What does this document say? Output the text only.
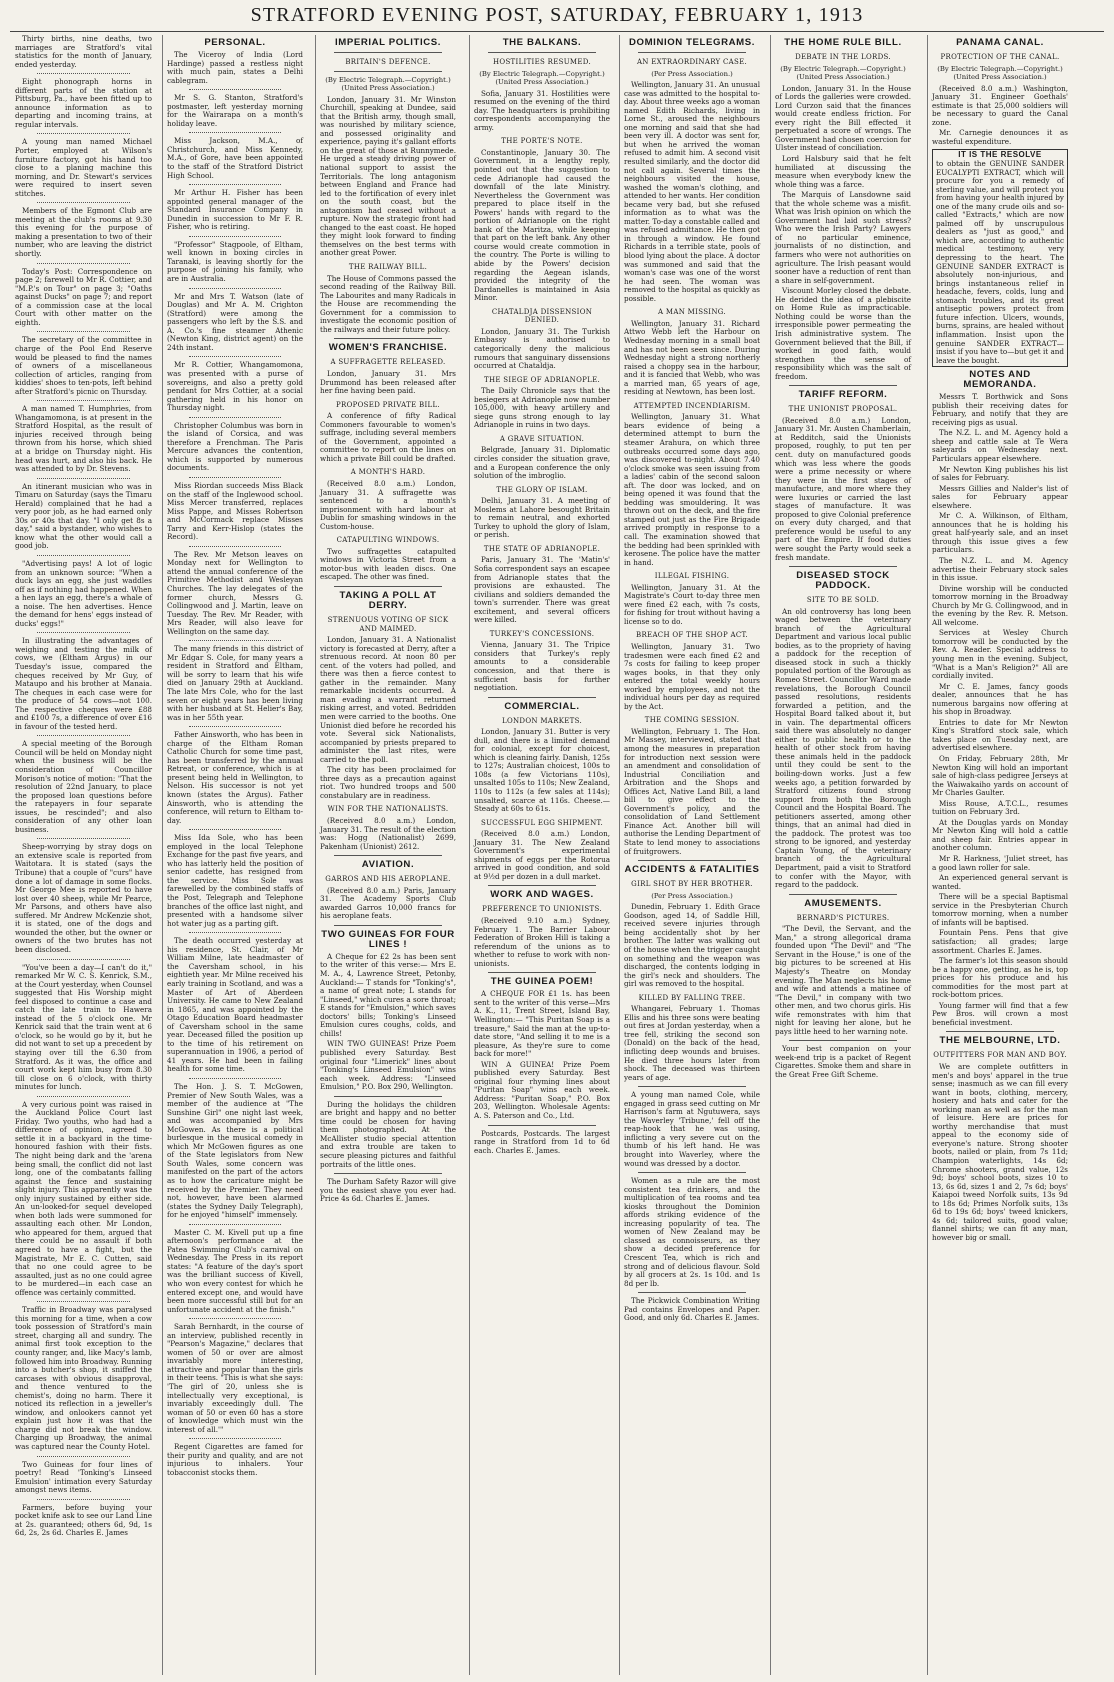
STRATFORD EVENING POST, SATURDAY, FEBRUARY 1, 1913

Thirty births, nine deaths, two marriages are Stratford's vital statistics for the month of January, ended yesterday.

Eight phonograph horns in different parts of the station at Pittsburg, Pa., have been fitted up to announce information as to departing and incoming trains, at regular intervals.

A young man named Michael Porter, employed at Wilson's furniture factory, got his hand too close to a planing machine this morning, and Dr. Stewart's services were required to insert seven stitches.

Members of the Egmont Club are meeting at the club's rooms at 9.30 this evening for the purpose of making a presentation to two of their number, who are leaving the district shortly.

Today's Post: Correspondence on page 2; farewell to Mr R. Cottier, and "M.P.'s on Tour" on page 3; "Oaths against Ducks" on page 7; and report of a commission case at the local Court with other matter on the eighth.

The secretary of the committee in charge of the Pool End Reserve would be pleased to find the names of owners of a miscellaneous collection of articles, ranging from kiddies' shoes to ten-pots, left behind after Stratford's picnic on Thursday.

A man named T. Humphries, from Whangamomona, is at present in the Stratford Hospital, as the result of injuries received through being thrown from his horse, which shied at a bridge on Thursday night. His head was hurt, and also his back. He was attended to by Dr. Stevens.

An itinerant musician who was in Timaru on Saturday (says the Timaru Herald) complained that he had a very poor job, as he had earned only 30s or 40s that day. "I only get 8s a day," said a bystander, who wishes to know what the other would call a good job.

"Advertising pays! A lot of logic from an unknown source: "When a duck lays an egg, she just waddles off as if nothing had happened. When a hen lays an egg, there's a whale of a noise. The hen advertises. Hence the demand for hens' eggs instead of ducks' eggs!"

In illustrating the advantages of weighing and testing the milk of cows, we (Eltham Argus) in our Tuesday's issue, compared the cheques received by Mr Guy, of Mataupo and his brother at Manaia. The cheques in each case were for the produce of 54 cows—not 100. The respective cheques were £88 and £100 7s, a difference of over £16 in favour of the tested herd.

A special meeting of the Borough Council will be held on Monday night when the business will be the consideration of Councillor Morison's notice of motion: "That the resolution of 22nd January, to place the proposed loan questions before the ratepayers in four separate issues, be rescinded"; and also consideration of any other loan business.

Sheep-worrying by stray dogs on an extensive scale is reported from Waitotara. It is stated (says the Tribune) that a couple of "curs" have done a lot of damage in some flocks. Mr George Mee is reported to have lost over 40 sheep, while Mr Pearce, Mr Parsons, and others have also suffered. Mr Andrew McKenzie shot, it is stated, one of the dogs and wounded the other, but the owner or owners of the two brutes has not been disclosed.

"You've been a day—I can't do it," remarked Mr W. C. S. Kenrick, S.M., at the Court yesterday, when Counsel suggested that His Worship might feel disposed to continue a case and catch the late train to Hawera instead of the 5 o'clock one. Mr Kenrick said that the train went at 6 o'clock, so he would go by it, but he did not want to set up a precedent by staying over till the 6.30 from Stratford. As it was, the office and court work kept him busy from 8.30 till close on 6 o'clock, with thirty minutes for lunch.

A very curious point was raised in the Auckland Police Court last Friday. Two youths, who had had a difference of opinion, agreed to settle it in a backyard in the time-honoured fashion with their fists. The night being dark and the 'arena being small, the conflict did not last long, one of the combatants falling against the fence and sustaining slight injury. This apparently was the only injury sustained by either side. An un-looked-for sequel developed when both lads were summoned for assaulting each other. Mr London, who appeared for them, argued that there could be no assault if both agreed to have a fight, but the Magistrate, Mr E. C. Cutten, said that no one could agree to be assaulted, just as no one could agree to be murdered—in each case an offence was certainly committed.

Traffic in Broadway was paralysed this morning for a time, when a cow took possession of Stratford's main street, charging all and sundry. The animal first took exception to the county ranger, and, like Macy's lamb, followed him into Broadway. Running into a butcher's shop, it sniffed the carcases with obvious disapproval, and thence ventured to the chemist's, doing no harm. There it noticed its reflection in a jeweller's window, and onlookers cannot yet explain just how it was that the charge did not break the window. Charging up Broadway, the animal was captured near the County Hotel.

Two Guineas for four lines of poetry! Read 'Tonking's Linseed Emulsion' intimation every Saturday amongst news items.

Farmers, before buying your pocket knife ask to see our Land Line at 2s. guaranteed; others 6d, 9d, 1s 6d, 2s, 2s 6d. Charles E. James

PERSONAL.

The Viceroy of India (Lord Hardinge) passed a restless night with much pain, states a Delhi cablegram.

Mr S. G. Stanton, Stratford's postmaster, left yesterday morning for the Wairarapa on a month's holiday leave.

Miss Jackson, M.A., of Christchurch, and Miss Kennedy, M.A., of Gore, have been appointed to the staff of the Stratford District High School.

Mr Arthur H. Fisher has been appointed general manager of the Standard Insurance Company in Dunedin in succession to Mr F. R. Fisher, who is retiring.

"Professor" Stagpoole, of Eltham, well known in boxing circles in Taranaki, is leaving shortly for the purpose of joining his family, who are in Australia.

Mr and Mrs T. Watson (late of Douglas) and Mr A. M. Crighton (Stratford) were among the passengers who left by the S.S. and A. Co.'s fine steamer Athenic (Newton King, district agent) on the 24th instant.

Mr R. Cottier, Whangamomona, was presented with a purse of sovereigns, and also a pretty gold pendant for Mrs Cottier, at a social gathering held in his honor on Thursday night.

Christopher Columbus was born in the island of Corsica, and was therefore a Frenchman. The Paris Mercure advances the contention, which is supported by numerous documents.

Miss Riordan succeeds Miss Black on the staff of the Inglewood school. Miss Mercer transferred, replaces Miss Pappe, and Misses Robertson and McCormack replace Misses Tarry and Kerr-Hislop (states the Record).

The Rev. Mr Metson leaves on Monday next for Wellington to attend the annual conference of the Primitive Methodist and Wesleyan Churches. The lay delegates of the former church, Messrs G. Collingwood and J. Martin, leave on Tuesday. The Rev. Mr Reader, with Mrs Reader, will also leave for Wellington on the same day.

The many friends in this district of Mr Edgar S. Cole, for many years a resident in Stratford and Eltham, will be sorry to learn that his wife died on January 29th at Auckland. The late Mrs Cole, who for the last seven or eight years has been living with her husband at St. Helier's Bay, was in her 55th year.

Father Ainsworth, who has been in charge of the Eltham Roman Catholic Church for some time past, has been transferred by the annual Retreat, or conference, which is at present being held in Wellington, to Nelson. His successor is not yet known (states the Argus). Father Ainsworth, who is attending the conference, will return to Eltham to-day.

Miss Ida Sole, who has been employed in the local Telephone Exchange for the past five years, and who has latterly held the position of senior cadette, has resigned from the service. Miss Sole was farewelled by the combined staffs of the Post, Telegraph and Telephone branches of the office last night, and presented with a handsome silver hot water jug as a parting gift.

The death occurred yesterday at his residence, St. Clair, of Mr William Milne, late headmaster of the Caversham school, in his eightieth year. Mr Milne received his early training in Scotland, and was a Master of Art of Aberdeen University. He came to New Zealand in 1865, and was appointed by the Otago Education Board headmaster of Caversham school in the same year. Deceased filled the position up to the time of his retirement on superannuation in 1906, a period of 41 years. He had been in failing health for some time.

The Hon. J. S. T. McGowen, Premier of New South Wales, was a member of the audience at "The Sunshine Girl" one night last week, and was accompanied by Mrs McGowen. As there is a political burlesque in the musical comedy in which Mr McGowen figures as one of the State legislators from New South Wales, some concern was manifested on the part of the actors as to how the caricature might be received by the Premier. They need not, however, have been alarmed (states the Sydney Daily Telegraph), for he enjoyed "himself" immensely.

Master C. M. Kivell put up a fine afternoon's performance at the Patea Swimming Club's carnival on Wednesday. The Press in its report states: "A feature of the day's sport was the brilliant success of Kivell, who won every contest for which he entered except one, and would have been more successful still but for an unfortunate accident at the finish."

Sarah Bernhardt, in the course of an interview, published recently in "Pearson's Magazine," declares that women of 50 or over are almost invariably more interesting, attractive and popular than the girls in their teens. "This is what she says: 'The girl of 20, unless she is intellectually very exceptional, is invariably exceedingly dull. The woman of 50 or even 60 has a store of knowledge which must win the interest of all.'"

Regent Cigarettes are famed for their purity and quality, and are not injurious to inhalers. Your tobacconist stocks them.

IMPERIAL POLITICS.
BRITAIN'S DEFENCE.
(By Electric Telegraph.—Copyright.) (United Press Association.)

London, January 31. Mr Winston Churchill, speaking at Dundee, said that the British army, though small, was nourished by military science, and possessed originality and experience, paying it's gallant efforts on the great of those at Runnymede. He urged a steady driving power of national support to assist the Territorials. The long antagonism between England and France had led to the fortification of every inlet on the south coast, but the antagonism had ceased without a rupture. Now the strategic front had changed to the east coast. He hoped they might look forward to finding themselves on the best terms with another great Power.

THE RAILWAY BILL.

The House of Commons passed the second reading of the Railway Bill. The Labourites and many Radicals in the House are recommending the Government for a commission to investigate the economic position of the railways and their future policy.

WOMEN'S FRANCHISE.
A SUFFRAGETTE RELEASED.

London, January 31. Mrs Drummond has been released after her fine having been paid.

PROPOSED PRIVATE BILL.

A conference of fifty Radical Commoners favourable to women's suffrage, including several members of the Government, appointed a committee to report on the lines on which a private Bill could be drafted.

A MONTH'S HARD.

(Received 8.0 a.m.) London, January 31. A suffragette was sentenced to a month's imprisonment with hard labour at Dublin for smashing windows in the Custom-house.

CATAPULTING WINDOWS.

Two suffragettes catapulted windows in Victoria Street from a motor-bus with leaden discs. One escaped. The other was fined.

TAKING A POLL AT DERRY.
STRENUOUS VOTING OF SICK AND MAIMED.

London, January 31. A Nationalist victory is forecasted at Derry, after a strenuous record. At noon 80 per cent. of the voters had polled, and there was then a fierce contest to gather in the remainder. Many remarkable incidents occurred. A man evading a warrant returned risking arrest, and voted. Bedridden men were carried to the booths. One Unionist died before he recorded his vote. Several sick Nationalists, accompanied by priests prepared to administer the last rites, were carried to the poll.

The city has been proclaimed for three days as a precaution against riot. Two hundred troops and 500 constabulary are in readiness.

WIN FOR THE NATIONALISTS.

(Received 8.0 a.m.) London, January 31. The result of the election was: Hogg (Nationalist) 2699, Pakenham (Unionist) 2612.

AVIATION.
GARROS AND HIS AEROPLANE.

(Received 8.0 a.m.) Paris, January 31. The Academy Sports Club awarded Garros 10,000 francs for his aeroplane feats.

TWO GUINEAS FOR FOUR LINES !

A Cheque for £2 2s has been sent to the writer of this verse:— Mrs E. M. A., 4, Lawrence Street, Petonby, Auckland:— T stands for "Tonking's", a name of great note; L stands for "Linseed," which cures a sore throat; E stands for "Emulsion," which saves doctors' bills; Tonking's Linseed Emulsion cures coughs, colds, and chills!

WIN TWO GUINEAS! Prize Poem published every Saturday. Best original four "Limerick" lines about "Tonking's Linseed Emulsion" wins each week. Address: "Linseed Emulsion," P.O. Box 290, Wellington.

During the holidays the children are bright and happy and no better time could be chosen for having them photographed. At the McAllister studio special attention and extra trouble are taken to secure pleasing pictures and faithful portraits of the little ones.

The Durham Safety Razor will give you the easiest shave you ever had. Price 4s 6d. Charles E. James.

THE BALKANS.
HOSTILITIES RESUMED.
(By Electric Telegraph.—Copyright.) (United Press Association.)

Sofia, January 31. Hostilities were resumed on the evening of the third day. The headquarters is prohibiting correspondents accompanying the army.

THE PORTE'S NOTE.

Constantinople, January 30. The Government, in a lengthy reply, pointed out that the suggestion to cede Adrianople had caused the downfall of the late Ministry. Nevertheless the Government was prepared to place itself in the Powers' hands with regard to the portion of Adrianople on the right bank of the Maritza, while keeping that part on the left bank. Any other course would create commotion in the country. The Porte is willing to abide by the Powers' decision regarding the Aegean islands, provided the integrity of the Dardanelles is maintained in Asia Minor.

CHATALDJA DISSENSION DENIED.

London, January 31. The Turkish Embassy is authorised to categorically deny the malicious rumours that sanguinary dissensions occurred at Chataldja.

THE SIEGE OF ADRIANOPLE.

The Daily Chronicle says that the besiegers at Adrianople now number 105,000, with heavy artillery and siege guns strong enough to lay Adrianople in ruins in two days.

A GRAVE SITUATION.

Belgrade, January 31. Diplomatic circles consider the situation grave, and a European conference the only solution of the imbroglio.

THE GLORY OF ISLAM.

Delhi, January 31. A meeting of Moslems at Lahore besought Britain to remain neutral, and exhorted Turkey to uphold the glory of Islam, or perish.

THE STATE OF ADRIANOPLE.

Paris, January 31. The 'Matin's' Sofia correspondent says an escapee from Adrianople states that the provisions are exhausted. The civilians and soldiers demanded the town's surrender. There was great excitement, and several officers were killed.

TURKEY'S CONCESSIONS.

Vienna, January 31. The Tripice considers that Turkey's reply amounts to a considerable concession, and that there is sufficient basis for further negotiation.

COMMERCIAL.
LONDON MARKETS.

London, January 31. Butter is very dull, and there is a limited demand for colonial, except for choicest, which is cleaning fairly. Danish, 125s to 127s; Australian choicest, 100s to 108s (a few Victorians 110s), unsalted 105s to 110s; New Zealand, 110s to 112s (a few sales at 114s); unsalted, scarce at 116s. Cheese.—Steady at 60s to 61s.

SUCCESSFUL EGG SHIPMENT.

(Received 8.0 a.m.) London, January 31. The New Zealand Government's experimental shipments of eggs per the Rotorua arrived in good condition, and sold at 9½d per dozen in a dull market.

WORK AND WAGES.
PREFERENCE TO UNIONISTS.

(Received 9.10 a.m.) Sydney, February 1. The Barrier Labour Federation of Broken Hill is taking a referendum of the unions as to whether to refuse to work with non-unionists.

THE GUINEA POEM!

A CHEQUE FOR £1 1s. has been sent to the writer of this verse—Mrs A. K., 11, Trent Street, Island Bay, Wellington:— "This Puritan Soap is a treasure," Said the man at the up-to-date store, "And selling it to me is a pleasure, As they're sure to come back for more!"

WIN A GUINEA! Prize Poem published every Saturday. Best original four rhyming lines about "Puritan Soap" wins each week. Address: "Puritan Soap," P.O. Box 203, Wellington. Wholesale Agents: A. S. Paterson and Co., Ltd.

Postcards, Postcards. The largest range in Stratford from 1d to 6d each. Charles E. James.

DOMINION TELEGRAMS.
AN EXTRAORDINARY CASE.
(Per Press Association.)

Wellington, January 31. An unusual case was admitted to the hospital to-day. About three weeks ago a woman named Edith Richards, living in Lorne St., aroused the neighbours one morning and said that she had been very ill. A doctor was sent for, but when he arrived the woman refused to admit him. A second visit resulted similarly, and the doctor did not call again. Several times the neighbours visited the house, washed the woman's clothing, and attended to her wants. Her condition became very bad, but she refused information as to what was the matter. To-day a constable called and was refused admittance. He then got in through a window. He found Richards in a terrible state, pools of blood lying about the place. A doctor was summoned and said that the woman's case was one of the worst he had seen. The woman was removed to the hospital as quickly as possible.

A MAN MISSING.

Wellington, January 31. Richard Attwo Webb left the Harbour on Wednesday morning in a small boat and has not been seen since. During Wednesday night a strong northerly raised a choppy sea in the harbour, and it is fancied that Webb, who was a married man, 65 years of age, residing at Newtown, has been lost.

ATTEMPTED INCENDIARISM.

Wellington, January 31. What bears evidence of being a determined attempt to burn the steamer Arahura, on which three outbreaks occurred some days ago, was discovered to-night. About 7.40 o'clock smoke was seen issuing from a ladies' cabin of the second saloon aft. The door was locked, and on being opened it was found that the bedding was smouldering. It was thrown out on the deck, and the fire stamped out just as the Fire Brigade arrived promptly in response to a call. The examination showed that the bedding had been sprinkled with kerosene. The police have the matter in hand.

ILLEGAL FISHING.

Wellington, January 31. At the Magistrate's Court to-day three men were fined £2 each, with 7s costs, for fishing for trout without having a license so to do.

BREACH OF THE SHOP ACT.

Wellington, January 31. Two tradesmen were each fined £2 and 7s costs for failing to keep proper wages books, in that they only entered the total weekly hours worked by employees, and not the individual hours per day as required by the Act.

THE COMING SESSION.

Wellington, February 1. The Hon. Mr Massey, interviewed, stated that among the measures in preparation for introduction next session were an amendment and consolidation of Industrial Conciliation and Arbitration and the Shops and Offices Act, Native Land Bill, a land bill to give effect to the Government's policy, and the consolidation of Land Settlement Finance Act. Another bill will authorise the Lending Department of State to lend money to associations of fruitgrowers.

ACCIDENTS & FATALITIES
GIRL SHOT BY HER BROTHER.
(Per Press Association.)

Dunedin, February 1. Edith Grace Goodson, aged 14, of Saddle Hill, received severe injuries through being accidentally shot by her brother. The latter was walking out of the house when the trigger caught on something and the weapon was discharged, the contents lodging in the girl's neck and shoulders. The girl was removed to the hospital.

KILLED BY FALLING TREE.

Whangarei, February 1. Thomas Ellis and his three sons were beating out fires at Jordan yesterday, when a tree fell, striking the second son (Donald) on the back of the head, inflicting deep wounds and bruises. He died three hours later from shock. The deceased was thirteen years of age.

A young man named Cole, while engaged in grass seed cutting on Mr Harrison's farm at Ngutuwera, says the Waverley 'Tribune,' fell off the reap-hook that he was using, inflicting a very severe cut on the thumb of his left hand. He was brought into Waverley, where the wound was dressed by a doctor.

Women as a rule are the most consistent tea drinkers, and the multiplication of tea rooms and tea kiosks throughout the Dominion affords striking evidence of the increasing popularity of tea. The women of New Zealand may be classed as connoisseurs, as they show a decided preference for Crescent Tea, which is rich and strong and of delicious flavour. Sold by all grocers at 2s. 1s 10d. and 1s 8d per lb.

The Pickwick Combination Writing Pad contains Envelopes and Paper. Good, and only 6d. Charles E. James.

THE HOME RULE BILL.
DEBATE IN THE LORDS.
(By Electric Telegraph.—Copyright.) (United Press Association.)

London, January 31. In the House of Lords the galleries were crowded. Lord Curzon said that the finances would create endless friction. For every right the Bill effected it perpetuated a score of wrongs. The Government had chosen coercion for Ulster instead of conciliation.

Lord Halsbury said that he felt humiliated at discussing the measure when everybody knew the whole thing was a farce.

The Marquis of Lansdowne said that the whole scheme was a misfit. What was Irish opinion on which the Government had laid such stress? Who were the Irish Party? Lawyers of no particular eminence, journalists of no distinction, and farmers who were not authorities on agriculture. The Irish peasant would sooner have a reduction of rent than a share in self-government.

Viscount Morley closed the debate. He derided the idea of a plebiscite on Home Rule as impracticable. Nothing could be worse than the irresponsible power permeating the Irish administrative system. The Government believed that the Bill, if worked in good faith, would strengthen the sense of responsibility which was the salt of freedom.

TARIFF REFORM.
THE UNIONIST PROPOSAL.

(Received 8.0 a.m.) London, January 31. Mr. Austen Chamberlain, at Redditch, said the Unionists proposed, roughly, to put ten per cent. duty on manufactured goods which was less where the goods were a prime necessity or where they were in the first stages of manufacture, and more where they were luxuries or carried the last stages of manufacture. It was proposed to give Colonial preference on every duty charged, and that preference would be useful to any part of the Empire. If food duties were sought the Party would seek a fresh mandate.

DISEASED STOCK PADDOCK.
SITE TO BE SOLD.

An old controversy has long been waged between the veterinary branch of the Agricultural Department and various local public bodies, as to the propriety of having a paddock for the reception of diseased stock in such a thickly populated portion of the Borough as Romeo Street. Councillor Ward made revelations, the Borough Council passed resolutions, residents forwarded a petition, and the Hospital Board talked about it, but in vain. The departmental officers said there was absolutely no danger either to public health or to the health of other stock from having these animals held in the paddock until they could be sent to the boiling-down works. Just a few weeks ago, a petition forwarded by Stratford citizens found strong support from both the Borough Council and the Hospital Board. The petitioners asserted, among other things, that an animal had died in the paddock. The protest was too strong to be ignored, and yesterday Captain Young, of the veterinary branch of the Agricultural Department, paid a visit to Stratford to confer with the Mayor, with regard to the paddock.

AMUSEMENTS.
BERNARD'S PICTURES.

"The Devil, the Servant, and the Man," a strong allegorical drama founded upon "The Devil" and "The Servant in the House," is one of the big pictures to be screened at His Majesty's Theatre on Monday evening. The Man neglects his home and wife and attends a matinee of "The Devil," in company with two other men, and two chorus girls. His wife remonstrates with him that night for leaving her alone, but he pays little heed to her warning note.

Your best companion on your week-end trip is a packet of Regent Cigarettes. Smoke them and share in the Great Free Gift Scheme.

PANAMA CANAL.
PROTECTION OF THE CANAL.
(By Electric Telegraph.—Copyright.) (United Press Association.)

(Received 8.0 a.m.) Washington, January 31. Engineer Goethals' estimate is that 25,000 soldiers will be necessary to guard the Canal zone.

Mr. Carnegie denounces it as wasteful expenditure.

IT IS THE RESOLVE
to obtain the GENUINE SANDER EUCALYPTI EXTRACT, which will procure for you a remedy of sterling value, and will protect you from having your health injured by one of the many crude oils and so-called "Extracts," which are now palmed off by unscrupulous dealers as "just as good," and which are, according to authentic medical testimony, very depressing to the heart. The GENUINE SANDER EXTRACT is absolutely non-injurious, and brings instantaneous relief in headache, fevers, colds, lung and stomach troubles, and its great antiseptic powers protect from future infection. Ulcers, wounds, burns, sprains, are healed without inflammation. Insist upon the genuine SANDER EXTRACT—insist if you have to—but get it and leave the bought.
NOTES AND MEMORANDA.

Messrs T. Borthwick and Sons publish their receiving dates for February, and notify that they are receiving pigs as usual.

The N.Z. L. and M. Agency hold a sheep and cattle sale at Te Wera saleyards on Wednesday next. Particulars appear elsewhere.

Mr Newton King publishes his list of sales for February.

Messrs Gillies and Nalder's list of sales for February appear elsewhere.

Mr C. A. Wilkinson, of Eltham, announces that he is holding his great half-yearly sale, and an inset through this issue gives a few particulars.

The N.Z. L. and M. Agency advertise their February stock sales in this issue.

Divine worship will be conducted tomorrow morning in the Broadway Church by Mr G. Collingwood, and in the evening by the Rev. R. Metson. All welcome.

Services at Wesley Church tomorrow will be conducted by the Rev. A. Reader. Special address to young men in the evening. Subject, "What is a Man's Religion?" All are cordially invited.

Mr C. E. James, fancy goods dealer, announces that he has numerous bargains now offering at his shop in Broadway.

Entries to date for Mr Newton King's Stratford stock sale, which takes place on Tuesday next, are advertised elsewhere.

On Friday, February 28th, Mr Newton King will hold an important sale of high-class pedigree Jerseys at the Waiwakaiho yards on account of Mr Charles Gaulter.

Miss Rouse, A.T.C.L., resumes tuition on February 3rd.

At the Douglas yards on Monday Mr Newton King will hold a cattle and sheep fair. Entries appear in another column.

Mr R. Harkness, 'Juliet street, has a good lawn roller for sale.

An experienced general servant is wanted.

There will be a special Baptismal service in the Presbyterian Church tomorrow morning, when a number of infants will be baptised.

Fountain Pens. Pens that give satisfaction; all grades; large assortment. Charles E. James.

The farmer's lot this season should be a happy one, getting, as he is, top prices for his produce and his commodities for the most part at rock-bottom prices.

Young farmer will find that a few Pew Bros. will crown a most beneficial investment.

THE MELBOURNE, LTD.
OUTFITTERS FOR MAN AND BOY.

We are complete outfitters in men's and boys' apparel in the true sense; inasmuch as we can fill every want in boots, clothing, mercery, hosiery and hats and cater for the working man as well as for the man of leisure. Here are prices for worthy merchandise that must appeal to the economy side of everyone's nature. Strong shooter boots, nailed or plain, from 7s 11d; Champion waterlights, 14s 6d; Chrome shooters, grand value, 12s 9d; boys' school boots, sizes 10 to 13, 6s 6d, sizes 1 and 2, 7s 6d; boys' Kaiapoi tweed Norfolk suits, 13s 9d to 18s 6d; Primes Norfolk suits, 13s 6d to 19s 6d; boys' tweed knickers, 4s 6d; tailored suits, good value; flannel shirts; we can fit any man, however big or small.
